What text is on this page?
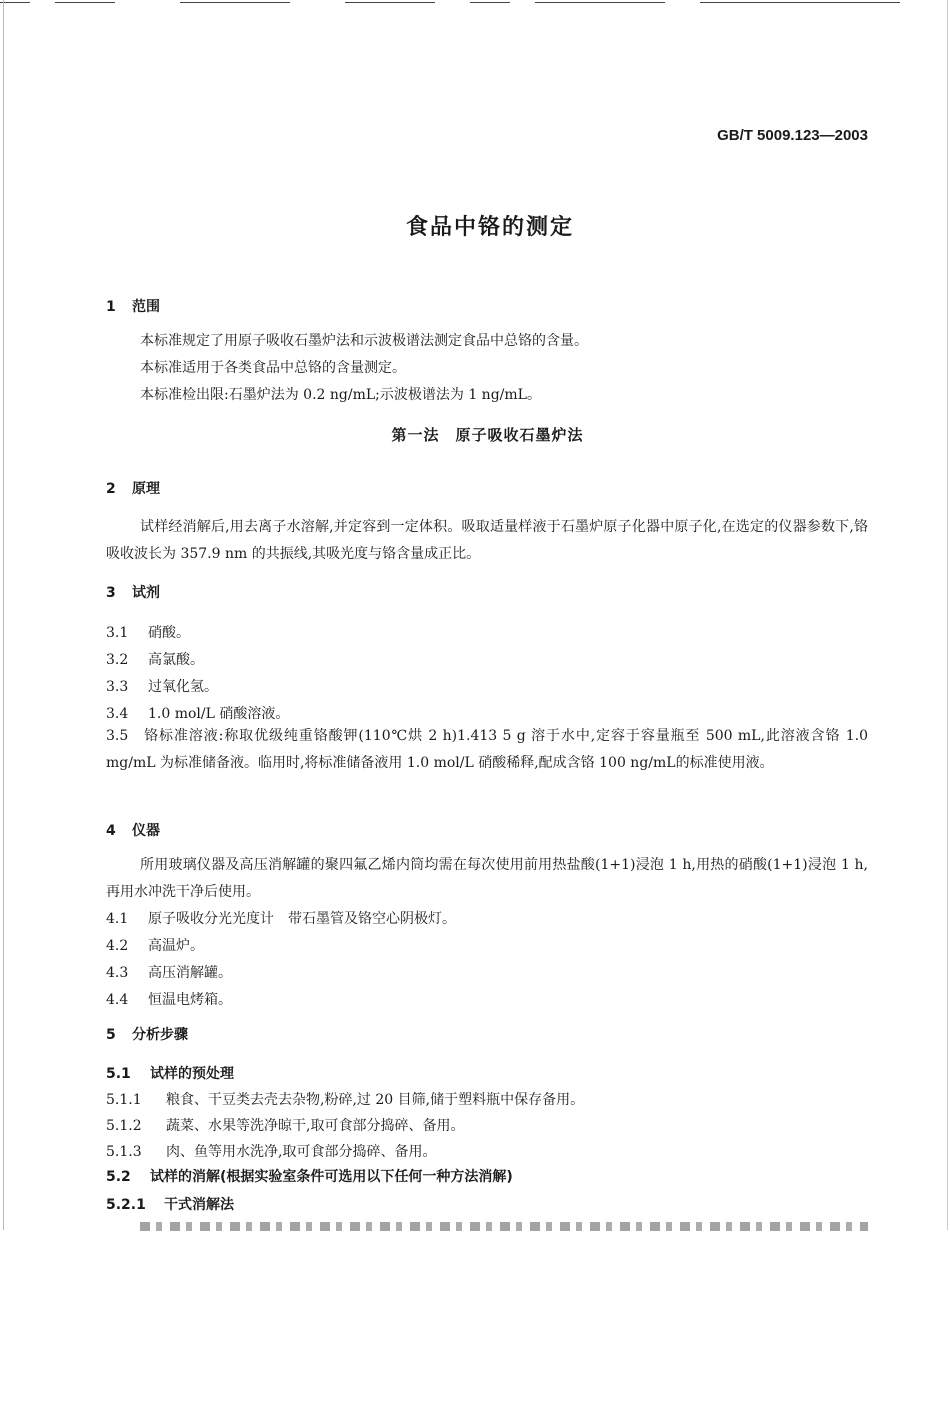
GB/T 5009.123—2003
食品中铬的测定
1 范围
本标准规定了用原子吸收石墨炉法和示波极谱法测定食品中总铬的含量。
本标准适用于各类食品中总铬的含量测定。
本标准检出限:石墨炉法为 0.2 ng/mL;示波极谱法为 1 ng/mL。
第一法　原子吸收石墨炉法
2 原理
试样经消解后,用去离子水溶解,并定容到一定体积。吸取适量样液于石墨炉原子化器中原子化,在选定的仪器参数下,铬吸收波长为 357.9 nm 的共振线,其吸光度与铬含量成正比。
3 试剂
3.1 硝酸。
3.2 高氯酸。
3.3 过氧化氢。
3.4 1.0 mol/L 硝酸溶液。
3.5　铬标准溶液:称取优级纯重铬酸钾(110℃烘 2 h)1.413 5 g 溶于水中,定容于容量瓶至 500 mL,此溶液含铬 1.0 mg/mL 为标准储备液。临用时,将标准储备液用 1.0 mol/L 硝酸稀释,配成含铬 100 ng/mL的标准使用液。
4 仪器
所用玻璃仪器及高压消解罐的聚四氟乙烯内筒均需在每次使用前用热盐酸(1+1)浸泡 1 h,用热的硝酸(1+1)浸泡 1 h,再用水冲洗干净后使用。
4.1 原子吸收分光光度计　带石墨管及铬空心阴极灯。
4.2 高温炉。
4.3 高压消解罐。
4.4 恒温电烤箱。
5 分析步骤
5.1 试样的预处理
5.1.1 粮食、干豆类去壳去杂物,粉碎,过 20 目筛,储于塑料瓶中保存备用。
5.1.2 蔬菜、水果等洗净晾干,取可食部分捣碎、备用。
5.1.3 肉、鱼等用水洗净,取可食部分捣碎、备用。
5.2 试样的消解(根据实验室条件可选用以下任何一种方法消解)
5.2.1 干式消解法
